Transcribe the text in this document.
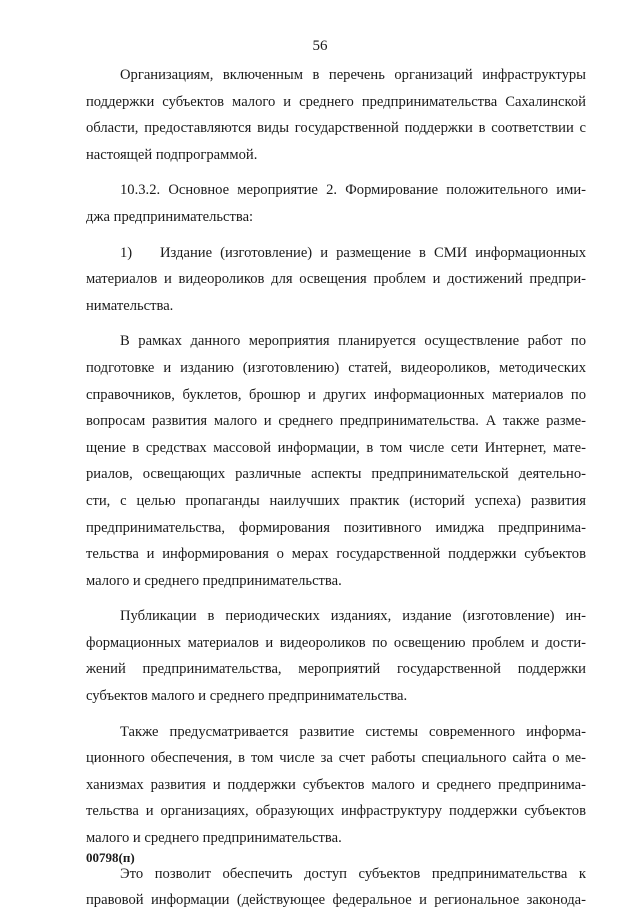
56
Организациям, включенным в перечень организаций инфраструктуры
поддержки субъектов малого и среднего предпринимательства Сахалинской
области, предоставляются виды государственной поддержки в соответствии с
настоящей подпрограммой.
10.3.2. Основное мероприятие 2. Формирование положительного ими-
джа предпринимательства:
1) Издание (изготовление) и размещение в СМИ информационных
материалов и видеороликов для освещения проблем и достижений предпри-
нимательства.
В рамках данного мероприятия планируется осуществление работ по
подготовке и изданию (изготовлению) статей, видеороликов, методических
справочников, буклетов, брошюр и других информационных материалов по
вопросам развития малого и среднего предпринимательства. А также разме-
щение в средствах массовой информации, в том числе сети Интернет, мате-
риалов, освещающих различные аспекты предпринимательской деятельно-
сти, с целью пропаганды наилучших практик (историй успеха) развития
предпринимательства, формирования позитивного имиджа предпринима-
тельства и информирования о мерах государственной поддержки субъектов
малого и среднего предпринимательства.
Публикации в периодических изданиях, издание (изготовление) ин-
формационных материалов и видеороликов по освещению проблем и дости-
жений предпринимательства, мероприятий государственной поддержки
субъектов малого и среднего предпринимательства.
Также предусматривается развитие системы современного информа-
ционного обеспечения, в том числе за счет работы специального сайта о ме-
ханизмах развития и поддержки субъектов малого и среднего предпринима-
тельства и организациях, образующих инфраструктуру поддержки субъектов
малого и среднего предпринимательства.
Это позволит обеспечить доступ субъектов предпринимательства к
правовой информации (действующее федеральное и региональное законода-
00798(п)
